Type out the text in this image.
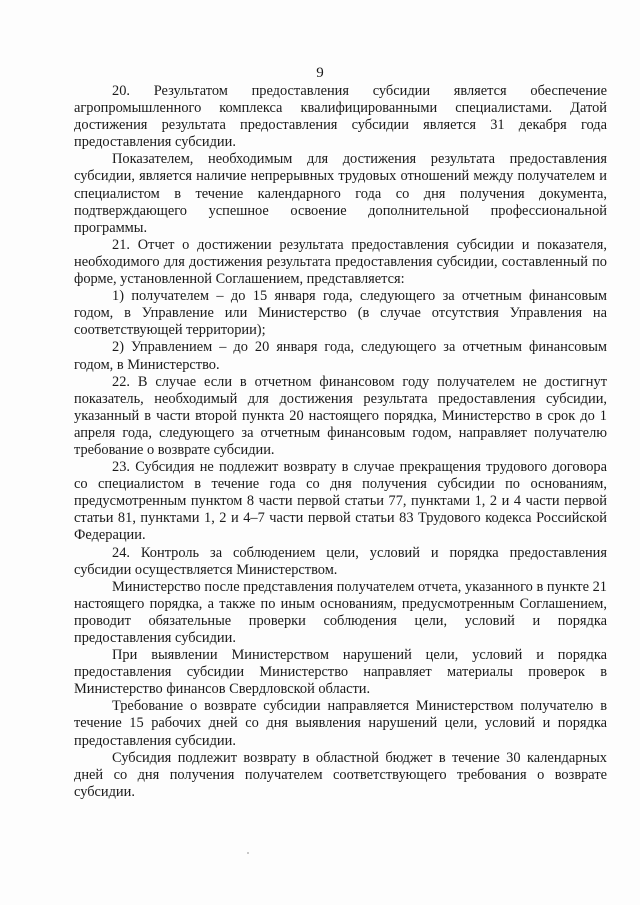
9

20. Результатом предоставления субсидии является обеспечение агропромышленного комплекса квалифицированными специалистами. Датой достижения результата предоставления субсидии является 31 декабря года предоставления субсидии.

Показателем, необходимым для достижения результата предоставления субсидии, является наличие непрерывных трудовых отношений между получателем и специалистом в течение календарного года со дня получения документа, подтверждающего успешное освоение дополнительной профессиональной программы.

21. Отчет о достижении результата предоставления субсидии и показателя, необходимого для достижения результата предоставления субсидии, составленный по форме, установленной Соглашением, представляется:

1) получателем – до 15 января года, следующего за отчетным финансовым годом, в Управление или Министерство (в случае отсутствия Управления на соответствующей территории);

2) Управлением – до 20 января года, следующего за отчетным финансовым годом, в Министерство.

22. В случае если в отчетном финансовом году получателем не достигнут показатель, необходимый для достижения результата предоставления субсидии, указанный в части второй пункта 20 настоящего порядка, Министерство в срок до 1 апреля года, следующего за отчетным финансовым годом, направляет получателю требование о возврате субсидии.

23. Субсидия не подлежит возврату в случае прекращения трудового договора со специалистом в течение года со дня получения субсидии по основаниям, предусмотренным пунктом 8 части первой статьи 77, пунктами 1, 2 и 4 части первой статьи 81, пунктами 1, 2 и 4–7 части первой статьи 83 Трудового кодекса Российской Федерации.

24. Контроль за соблюдением цели, условий и порядка предоставления субсидии осуществляется Министерством.

Министерство после представления получателем отчета, указанного в пункте 21 настоящего порядка, а также по иным основаниям, предусмотренным Соглашением, проводит обязательные проверки соблюдения цели, условий и порядка предоставления субсидии.

При выявлении Министерством нарушений цели, условий и порядка предоставления субсидии Министерство направляет материалы проверок в Министерство финансов Свердловской области.

Требование о возврате субсидии направляется Министерством получателю в течение 15 рабочих дней со дня выявления нарушений цели, условий и порядка предоставления субсидии.

Субсидия подлежит возврату в областной бюджет в течение 30 календарных дней со дня получения получателем соответствующего требования о возврате субсидии.
